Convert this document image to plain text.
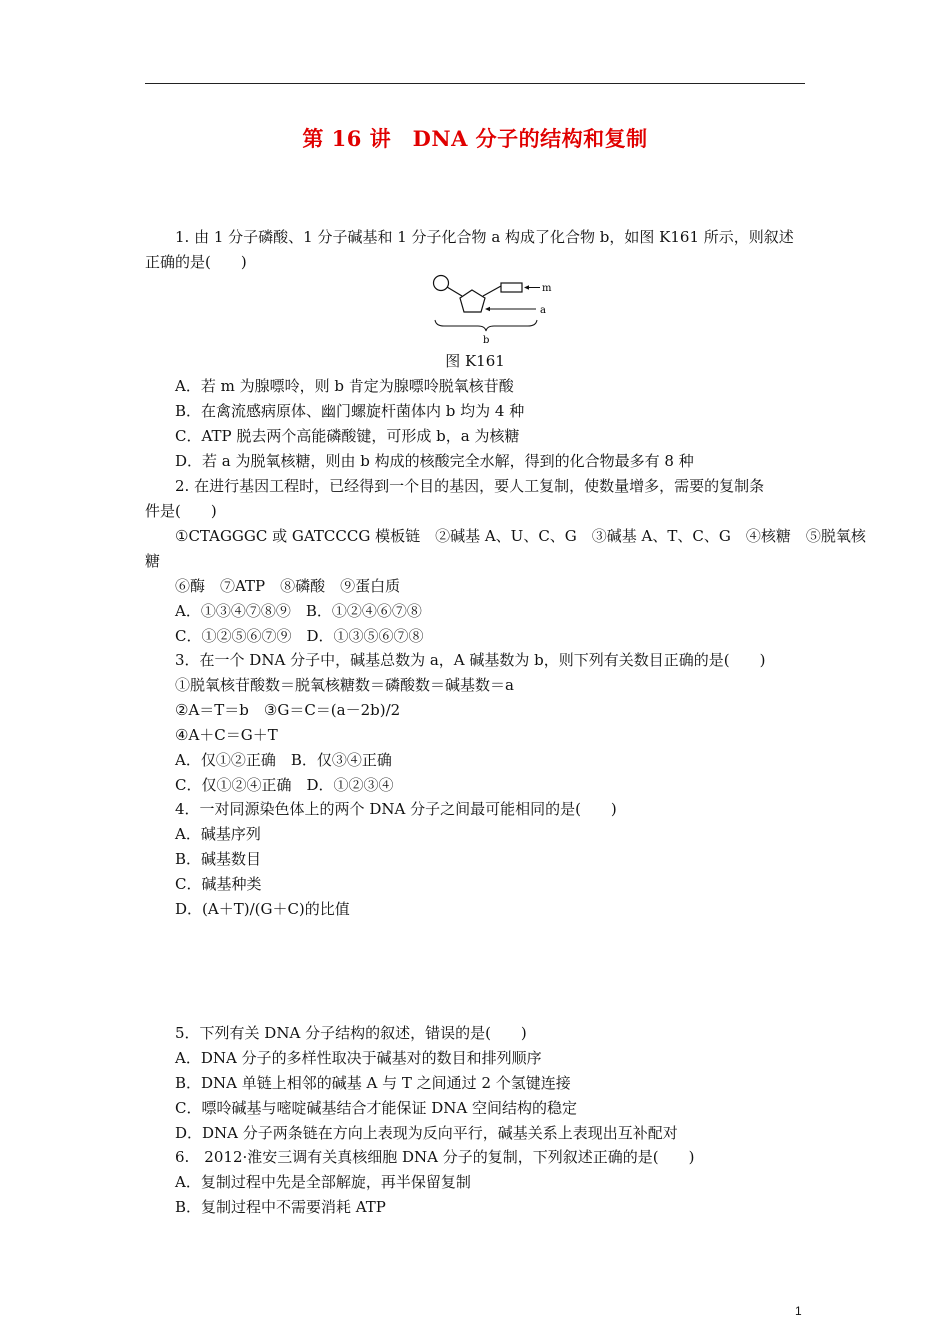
第 16 讲　DNA 分子的结构和复制
1. 由 1 分子磷酸、1 分子碱基和 1 分子化合物 a 构成了化合物 b，如图 K161 所示，则叙述
正确的是(　　)
A．若 m 为腺嘌呤，则 b 肯定为腺嘌呤脱氧核苷酸
B．在禽流感病原体、幽门螺旋杆菌体内 b 均为 4 种
C．ATP 脱去两个高能磷酸键，可形成 b，a 为核糖
D．若 a 为脱氧核糖，则由 b 构成的核酸完全水解，得到的化合物最多有 8 种
2. 在进行基因工程时，已经得到一个目的基因，要人工复制，使数量增多，需要的复制条
件是(　　)
①CTAGGGC 或 GATCCCG 模板链　②碱基 A、U、C、G　③碱基 A、T、C、G　④核糖　⑤脱氧核
糖
⑥酶　⑦ATP　⑧磷酸　⑨蛋白质
A．①③④⑦⑧⑨　B．①②④⑥⑦⑧
C．①②⑤⑥⑦⑨　D．①③⑤⑥⑦⑧
3．在一个 DNA 分子中，碱基总数为 a，A 碱基数为 b，则下列有关数目正确的是(　　)
①脱氧核苷酸数＝脱氧核糖数＝磷酸数＝碱基数＝a
②A＝T＝b　③G＝C＝(a－2b)/2
④A＋C＝G＋T
A．仅①②正确　B．仅③④正确
C．仅①②④正确　D．①②③④
4．一对同源染色体上的两个 DNA 分子之间最可能相同的是(　　)
A．碱基序列
B．碱基数目
C．碱基种类
D．(A＋T)/(G＋C)的比值
5．下列有关 DNA 分子结构的叙述，错误的是(　　)
A．DNA 分子的多样性取决于碱基对的数目和排列顺序
B．DNA 单链上相邻的碱基 A 与 T 之间通过 2 个氢键连接
C．嘌呤碱基与嘧啶碱基结合才能保证 DNA 空间结构的稳定
D．DNA 分子两条链在方向上表现为反向平行，碱基关系上表现出互补配对
6.　2012·淮安三调有关真核细胞 DNA 分子的复制，下列叙述正确的是(　　)
A．复制过程中先是全部解旋，再半保留复制
B．复制过程中不需要消耗 ATP
m
a
b
图 K161
1
